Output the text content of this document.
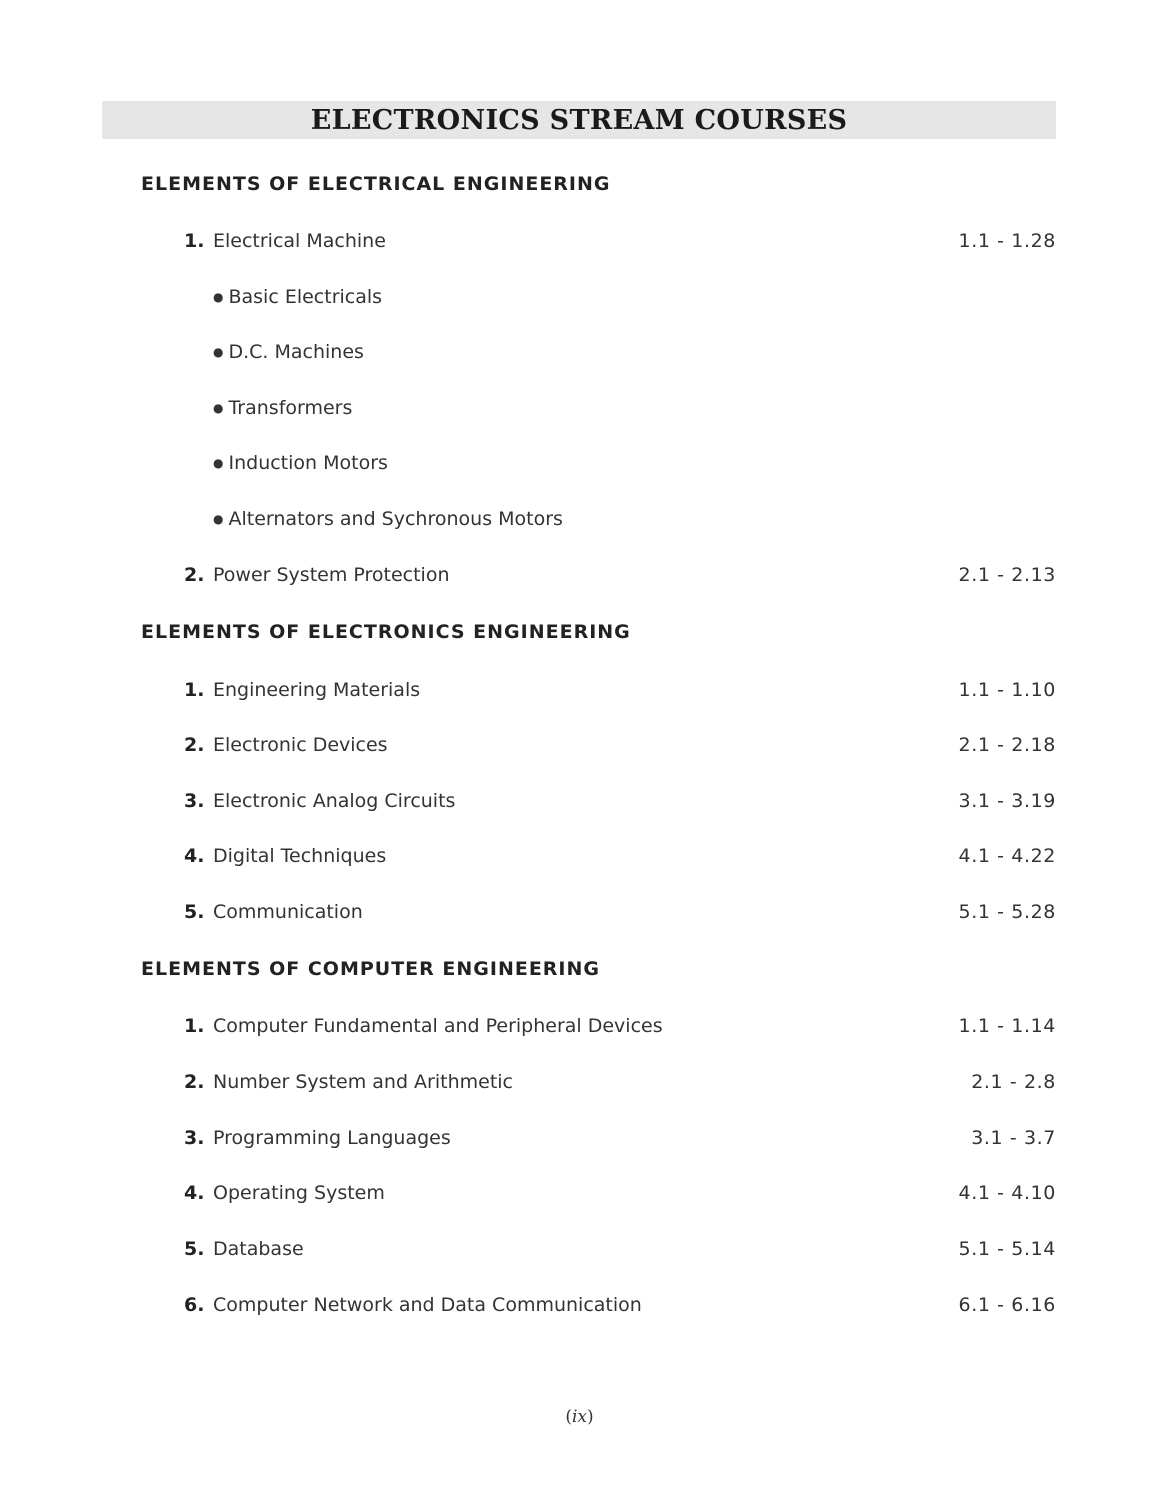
ELECTRONICS STREAM COURSES
ELEMENTS OF ELECTRICAL ENGINEERING
1. Electrical Machine	1.1 - 1.28
● Basic Electricals
● D.C. Machines
● Transformers
● Induction Motors
● Alternators and Sychronous Motors
2. Power System Protection	2.1 - 2.13
ELEMENTS OF ELECTRONICS ENGINEERING
1. Engineering Materials	1.1 - 1.10
2. Electronic Devices	2.1 - 2.18
3. Electronic Analog Circuits	3.1 - 3.19
4. Digital Techniques	4.1 - 4.22
5. Communication	5.1 - 5.28
ELEMENTS OF COMPUTER ENGINEERING
1. Computer Fundamental and Peripheral Devices	1.1 - 1.14
2. Number System and Arithmetic	2.1 - 2.8
3. Programming Languages	3.1 - 3.7
4. Operating System	4.1 - 4.10
5. Database	5.1 - 5.14
6. Computer Network and Data Communication	6.1 - 6.16
(ix)
